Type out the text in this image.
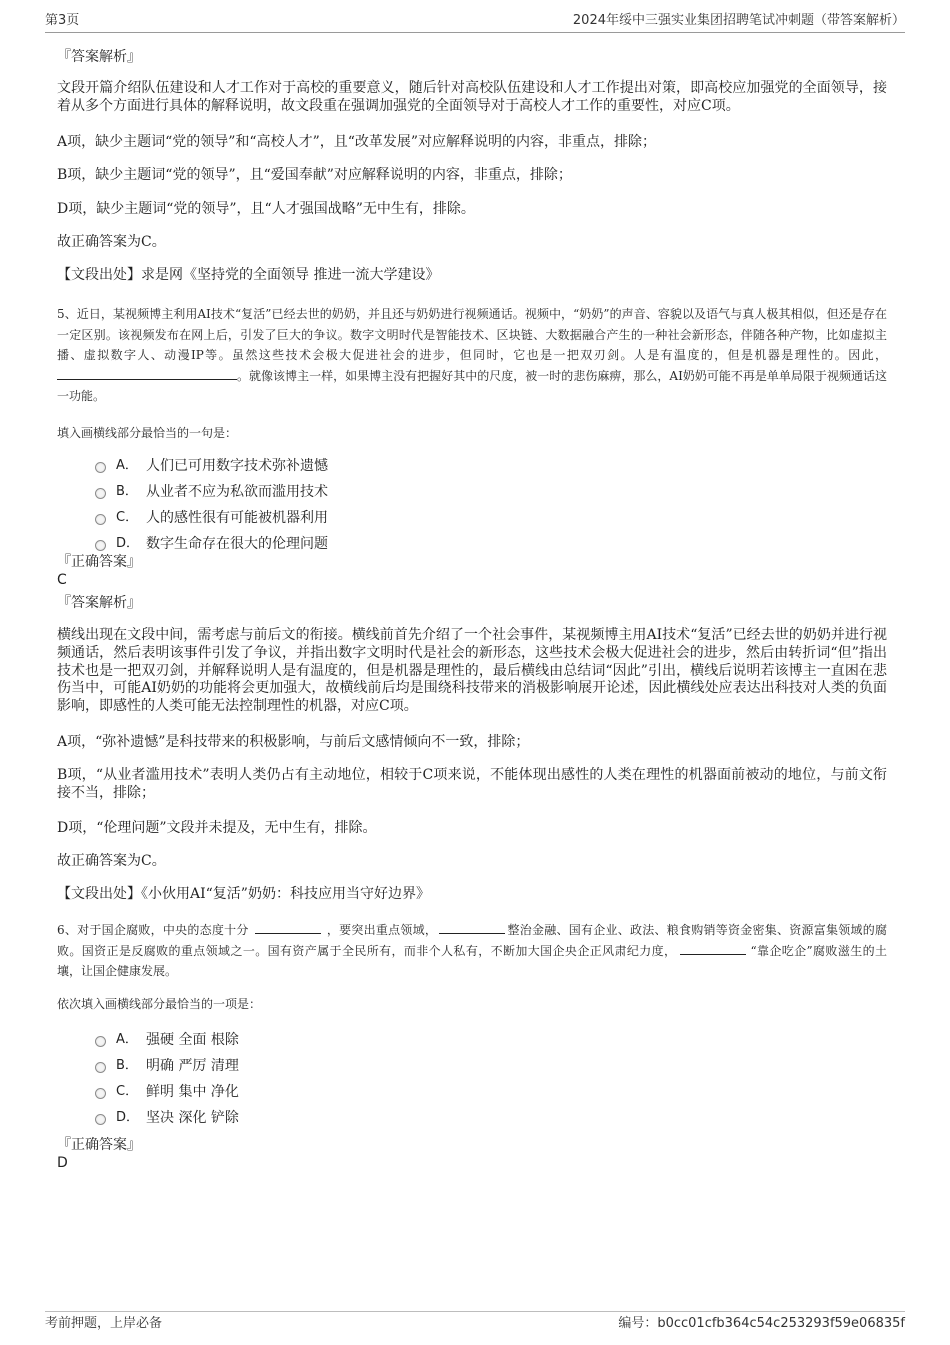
第3页	2024年绥中三强实业集团招聘笔试冲刺题（带答案解析）
『答案解析』
文段开篇介绍队伍建设和人才工作对于高校的重要意义，随后针对高校队伍建设和人才工作提出对策，即高校应加强党的全面领导，接着从多个方面进行具体的解释说明，故文段重在强调加强党的全面领导对于高校人才工作的重要性，对应C项。
A项，缺少主题词“党的领导”和“高校人才”，且“改革发展”对应解释说明的内容，非重点，排除；
B项，缺少主题词“党的领导”，且“爱国奉献”对应解释说明的内容，非重点，排除；
D项，缺少主题词“党的领导”，且“人才强国战略”无中生有，排除。
故正确答案为C。
【文段出处】求是网《坚持党的全面领导 推进一流大学建设》
5、近日，某视频博主利用AI技术“复活”已经去世的奶奶，并且还与奶奶进行视频通话。视频中，“奶奶”的声音、容貌以及语气与真人极其相似，但还是存在一定区别。该视频发布在网上后，引发了巨大的争议。数字文明时代是智能技术、区块链、大数据融合产生的一种社会新形态，伴随各种产物，比如虚拟主播、虚拟数字人、动漫IP等。虽然这些技术会极大促进社会的进步，但同时，它也是一把双刃剑。人是有温度的，但是机器是理性的。因此，。就像该博主一样，如果博主没有把握好其中的尺度，被一时的悲伤麻痹，那么，AI奶奶可能不再是单单局限于视频通话这一功能。
填入画横线部分最恰当的一句是：
A． 人们已可用数字技术弥补遗憾
B． 从业者不应为私欲而滥用技术
C． 人的感性很有可能被机器利用
D． 数字生命存在很大的伦理问题
『正确答案』
C
『答案解析』
横线出现在文段中间，需考虑与前后文的衔接。横线前首先介绍了一个社会事件，某视频博主用AI技术“复活”已经去世的奶奶并进行视频通话，然后表明该事件引发了争议，并指出数字文明时代是社会的新形态，这些技术会极大促进社会的进步，然后由转折词“但”指出技术也是一把双刃剑，并解释说明人是有温度的，但是机器是理性的，最后横线由总结词“因此”引出，横线后说明若该博主一直困在悲伤当中，可能AI奶奶的功能将会更加强大，故横线前后均是围绕科技带来的消极影响展开论述，因此横线处应表达出科技对人类的负面影响，即感性的人类可能无法控制理性的机器，对应C项。
A项，“弥补遗憾”是科技带来的积极影响，与前后文感情倾向不一致，排除；
B项，“从业者滥用技术”表明人类仍占有主动地位，相较于C项来说，不能体现出感性的人类在理性的机器面前被动的地位，与前文衔接不当，排除；
D项，“伦理问题”文段并未提及，无中生有，排除。
故正确答案为C。
【文段出处】《小伙用AI“复活”奶奶：科技应用当守好边界》
6、对于国企腐败，中央的态度十分	，要突出重点领域，	整治金融、国有企业、政法、粮食购销等资金密集、资源富集领域的腐败。国资正是反腐败的重点领域之一。国有资产属于全民所有，而非个人私有，不断加大国企央企正风肃纪力度，	“靠企吃企”腐败滋生的土壤，让国企健康发展。
依次填入画横线部分最恰当的一项是：
A． 强硬 全面 根除
B． 明确 严厉 清理
C． 鲜明 集中 净化
D． 坚决 深化 铲除
『正确答案』
D
考前押题，上岸必备	编号：b0cc01cfb364c54c253293f59e06835f
